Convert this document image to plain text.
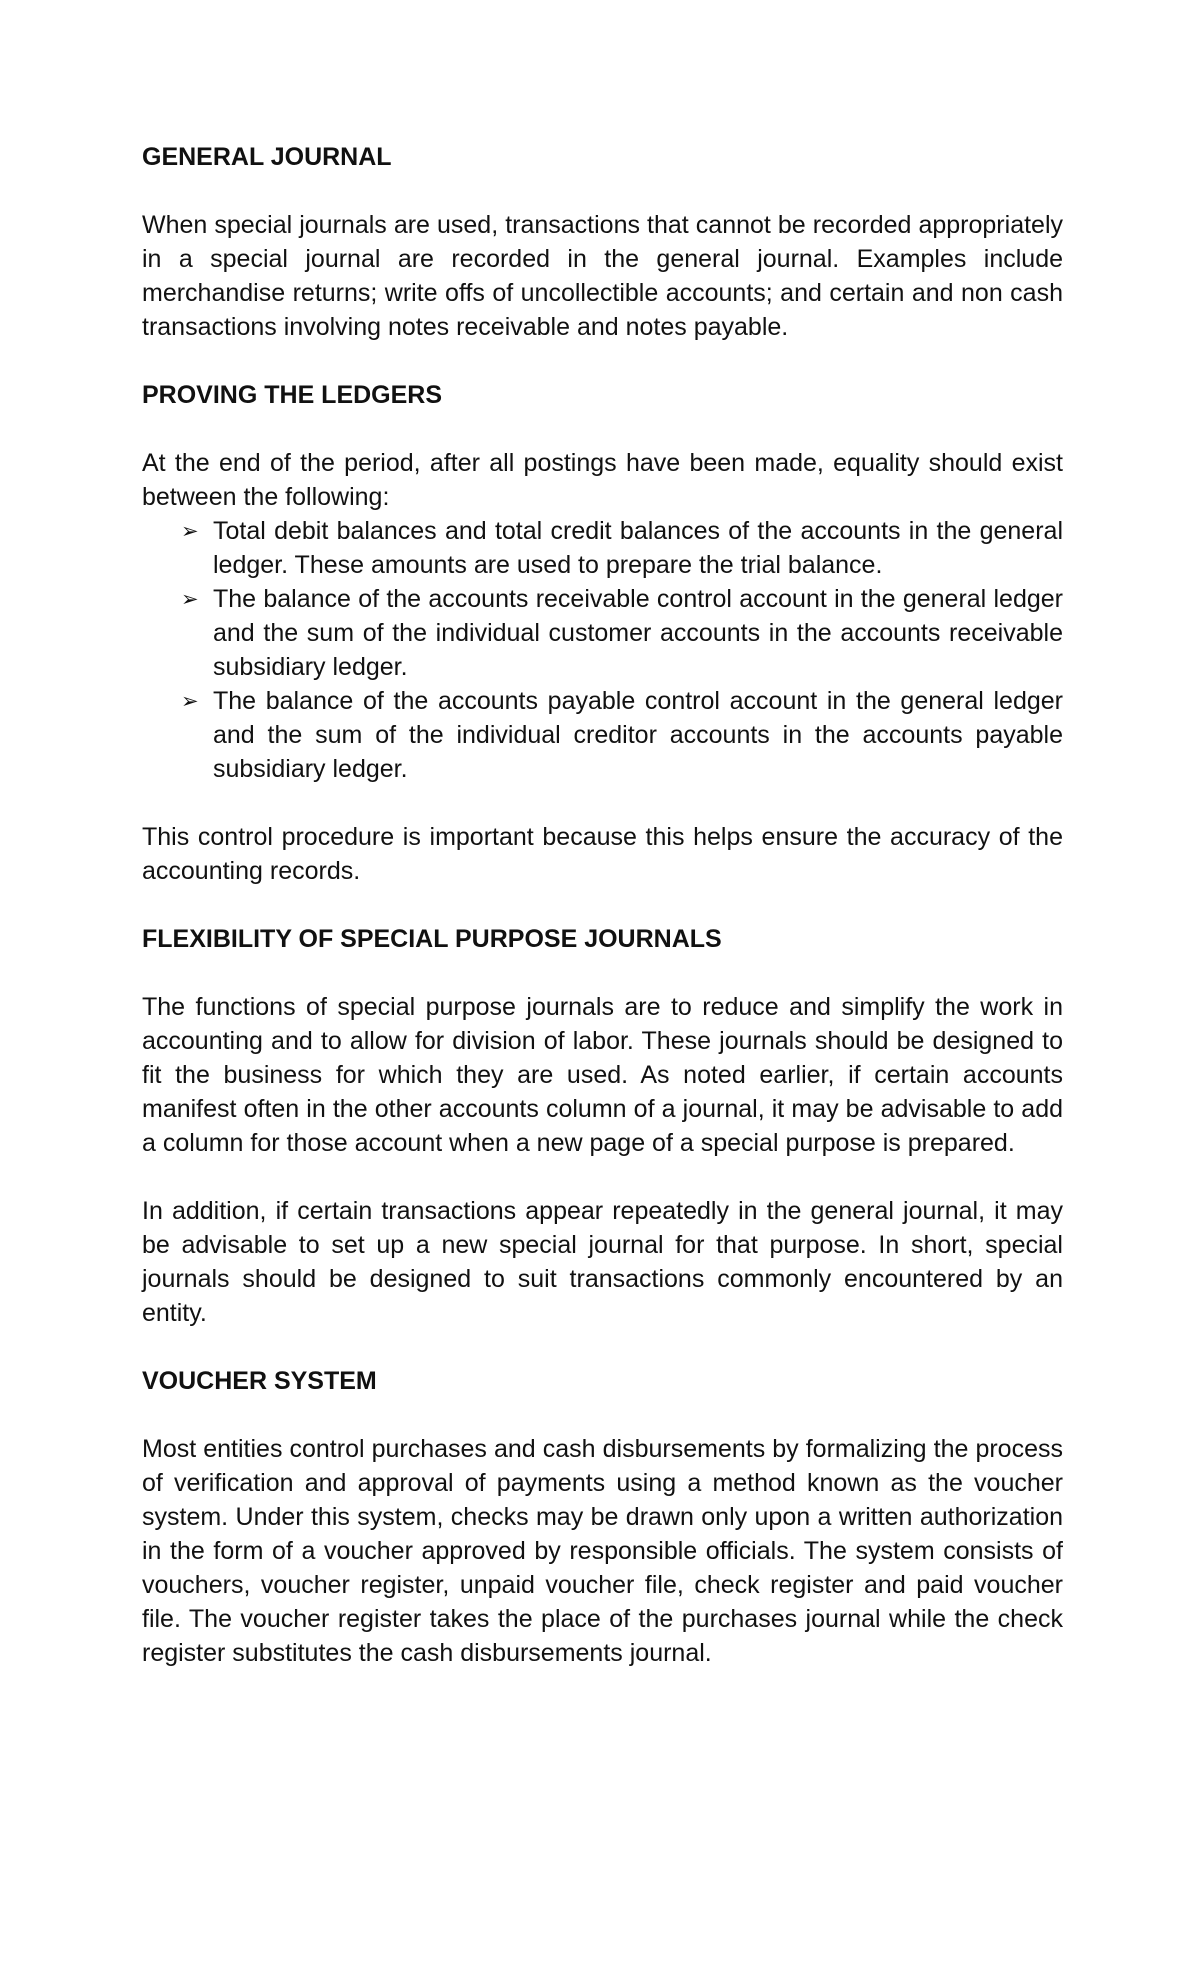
GENERAL JOURNAL

When special journals are used, transactions that cannot be recorded appropriately in a special journal are recorded in the general journal. Examples include merchandise returns; write offs of uncollectible accounts; and certain and non cash transactions involving notes receivable and notes payable.

PROVING THE LEDGERS

At the end of the period, after all postings have been made, equality should exist between the following:

➢ Total debit balances and total credit balances of the accounts in the general ledger. These amounts are used to prepare the trial balance.
➢ The balance of the accounts receivable control account in the general ledger and the sum of the individual customer accounts in the accounts receivable subsidiary ledger.
➢ The balance of the accounts payable control account in the general ledger and the sum of the individual creditor accounts in the accounts payable subsidiary ledger.

This control procedure is important because this helps ensure the accuracy of the accounting records.

FLEXIBILITY OF SPECIAL PURPOSE JOURNALS

The functions of special purpose journals are to reduce and simplify the work in accounting and to allow for division of labor. These journals should be designed to fit the business for which they are used. As noted earlier, if certain accounts manifest often in the other accounts column of a journal, it may be advisable to add a column for those account when a new page of a special purpose is prepared.

In addition, if certain transactions appear repeatedly in the general journal, it may be advisable to set up a new special journal for that purpose. In short, special journals should be designed to suit transactions commonly encountered by an entity.

VOUCHER SYSTEM

Most entities control purchases and cash disbursements by formalizing the process of verification and approval of payments using a method known as the voucher system. Under this system, checks may be drawn only upon a written authorization in the form of a voucher approved by responsible officials. The system consists of vouchers, voucher register, unpaid voucher file, check register and paid voucher file. The voucher register takes the place of the purchases journal while the check register substitutes the cash disbursements journal.
